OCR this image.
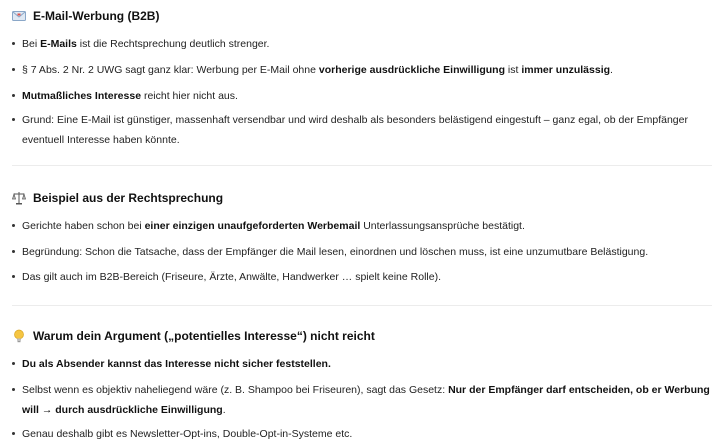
E-Mail-Werbung (B2B)
Bei E-Mails ist die Rechtsprechung deutlich strenger.
§ 7 Abs. 2 Nr. 2 UWG sagt ganz klar: Werbung per E-Mail ohne vorherige ausdrückliche Einwilligung ist immer unzulässig.
Mutmaßliches Interesse reicht hier nicht aus.
Grund: Eine E-Mail ist günstiger, massenhaft versendbar und wird deshalb als besonders belästigend eingestuft – ganz egal, ob der Empfänger eventuell Interesse haben könnte.
Beispiel aus der Rechtsprechung
Gerichte haben schon bei einer einzigen unaufgeforderten Werbemail Unterlassungsansprüche bestätigt.
Begründung: Schon die Tatsache, dass der Empfänger die Mail lesen, einordnen und löschen muss, ist eine unzumutbare Belästigung.
Das gilt auch im B2B-Bereich (Friseure, Ärzte, Anwälte, Handwerker … spielt keine Rolle).
Warum dein Argument („potentielles Interesse“) nicht reicht
Du als Absender kannst das Interesse nicht sicher feststellen.
Selbst wenn es objektiv naheliegend wäre (z. B. Shampoo bei Friseuren), sagt das Gesetz: Nur der Empfänger darf entscheiden, ob er Werbung will → durch ausdrückliche Einwilligung.
Genau deshalb gibt es Newsletter-Opt-ins, Double-Opt-in-Systeme etc.
